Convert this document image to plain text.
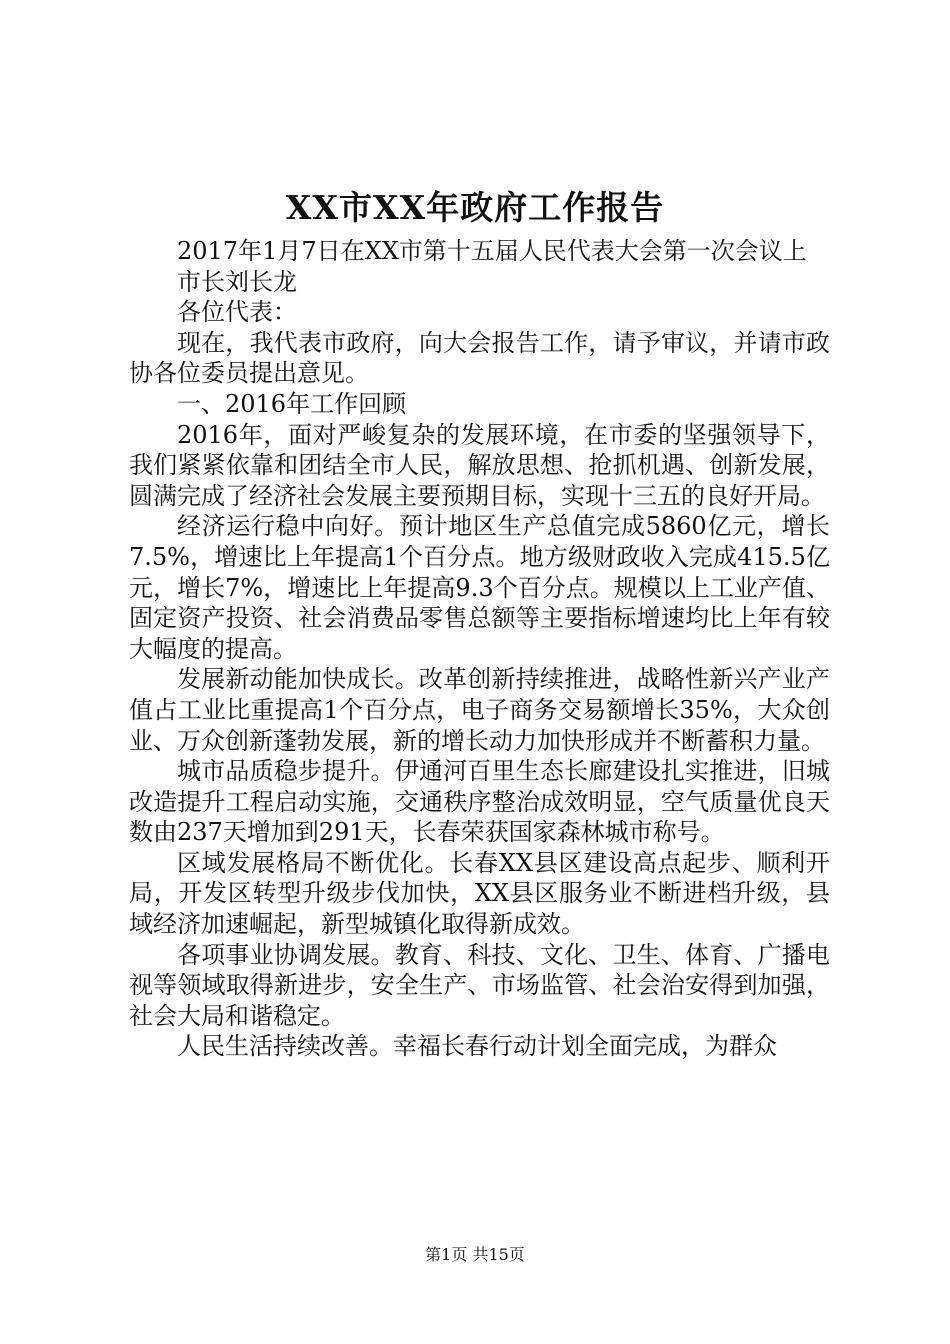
XX市XX年政府工作报告

2017年1月7日在XX市第十五届人民代表大会第一次会议上

市长刘长龙

各位代表：

现在，我代表市政府，向大会报告工作，请予审议，并请市政协各位委员提出意见。

一、2016年工作回顾

2016年，面对严峻复杂的发展环境，在市委的坚强领导下，我们紧紧依靠和团结全市人民，解放思想、抢抓机遇、创新发展，圆满完成了经济社会发展主要预期目标，实现十三五的良好开局。

经济运行稳中向好。预计地区生产总值完成5860亿元，增长7.5%，增速比上年提高1个百分点。地方级财政收入完成415.5亿元，增长7%，增速比上年提高9.3个百分点。规模以上工业产值、固定资产投资、社会消费品零售总额等主要指标增速均比上年有较大幅度的提高。

发展新动能加快成长。改革创新持续推进，战略性新兴产业产值占工业比重提高1个百分点，电子商务交易额增长35%，大众创业、万众创新蓬勃发展，新的增长动力加快形成并不断蓄积力量。

城市品质稳步提升。伊通河百里生态长廊建设扎实推进，旧城改造提升工程启动实施，交通秩序整治成效明显，空气质量优良天数由237天增加到291天，长春荣获国家森林城市称号。

区域发展格局不断优化。长春XX县区建设高点起步、顺利开局，开发区转型升级步伐加快，XX县区服务业不断进档升级，县域经济加速崛起，新型城镇化取得新成效。

各项事业协调发展。教育、科技、文化、卫生、体育、广播电视等领域取得新进步，安全生产、市场监管、社会治安得到加强，社会大局和谐稳定。

人民生活持续改善。幸福长春行动计划全面完成，为群众

第1页 共15页
